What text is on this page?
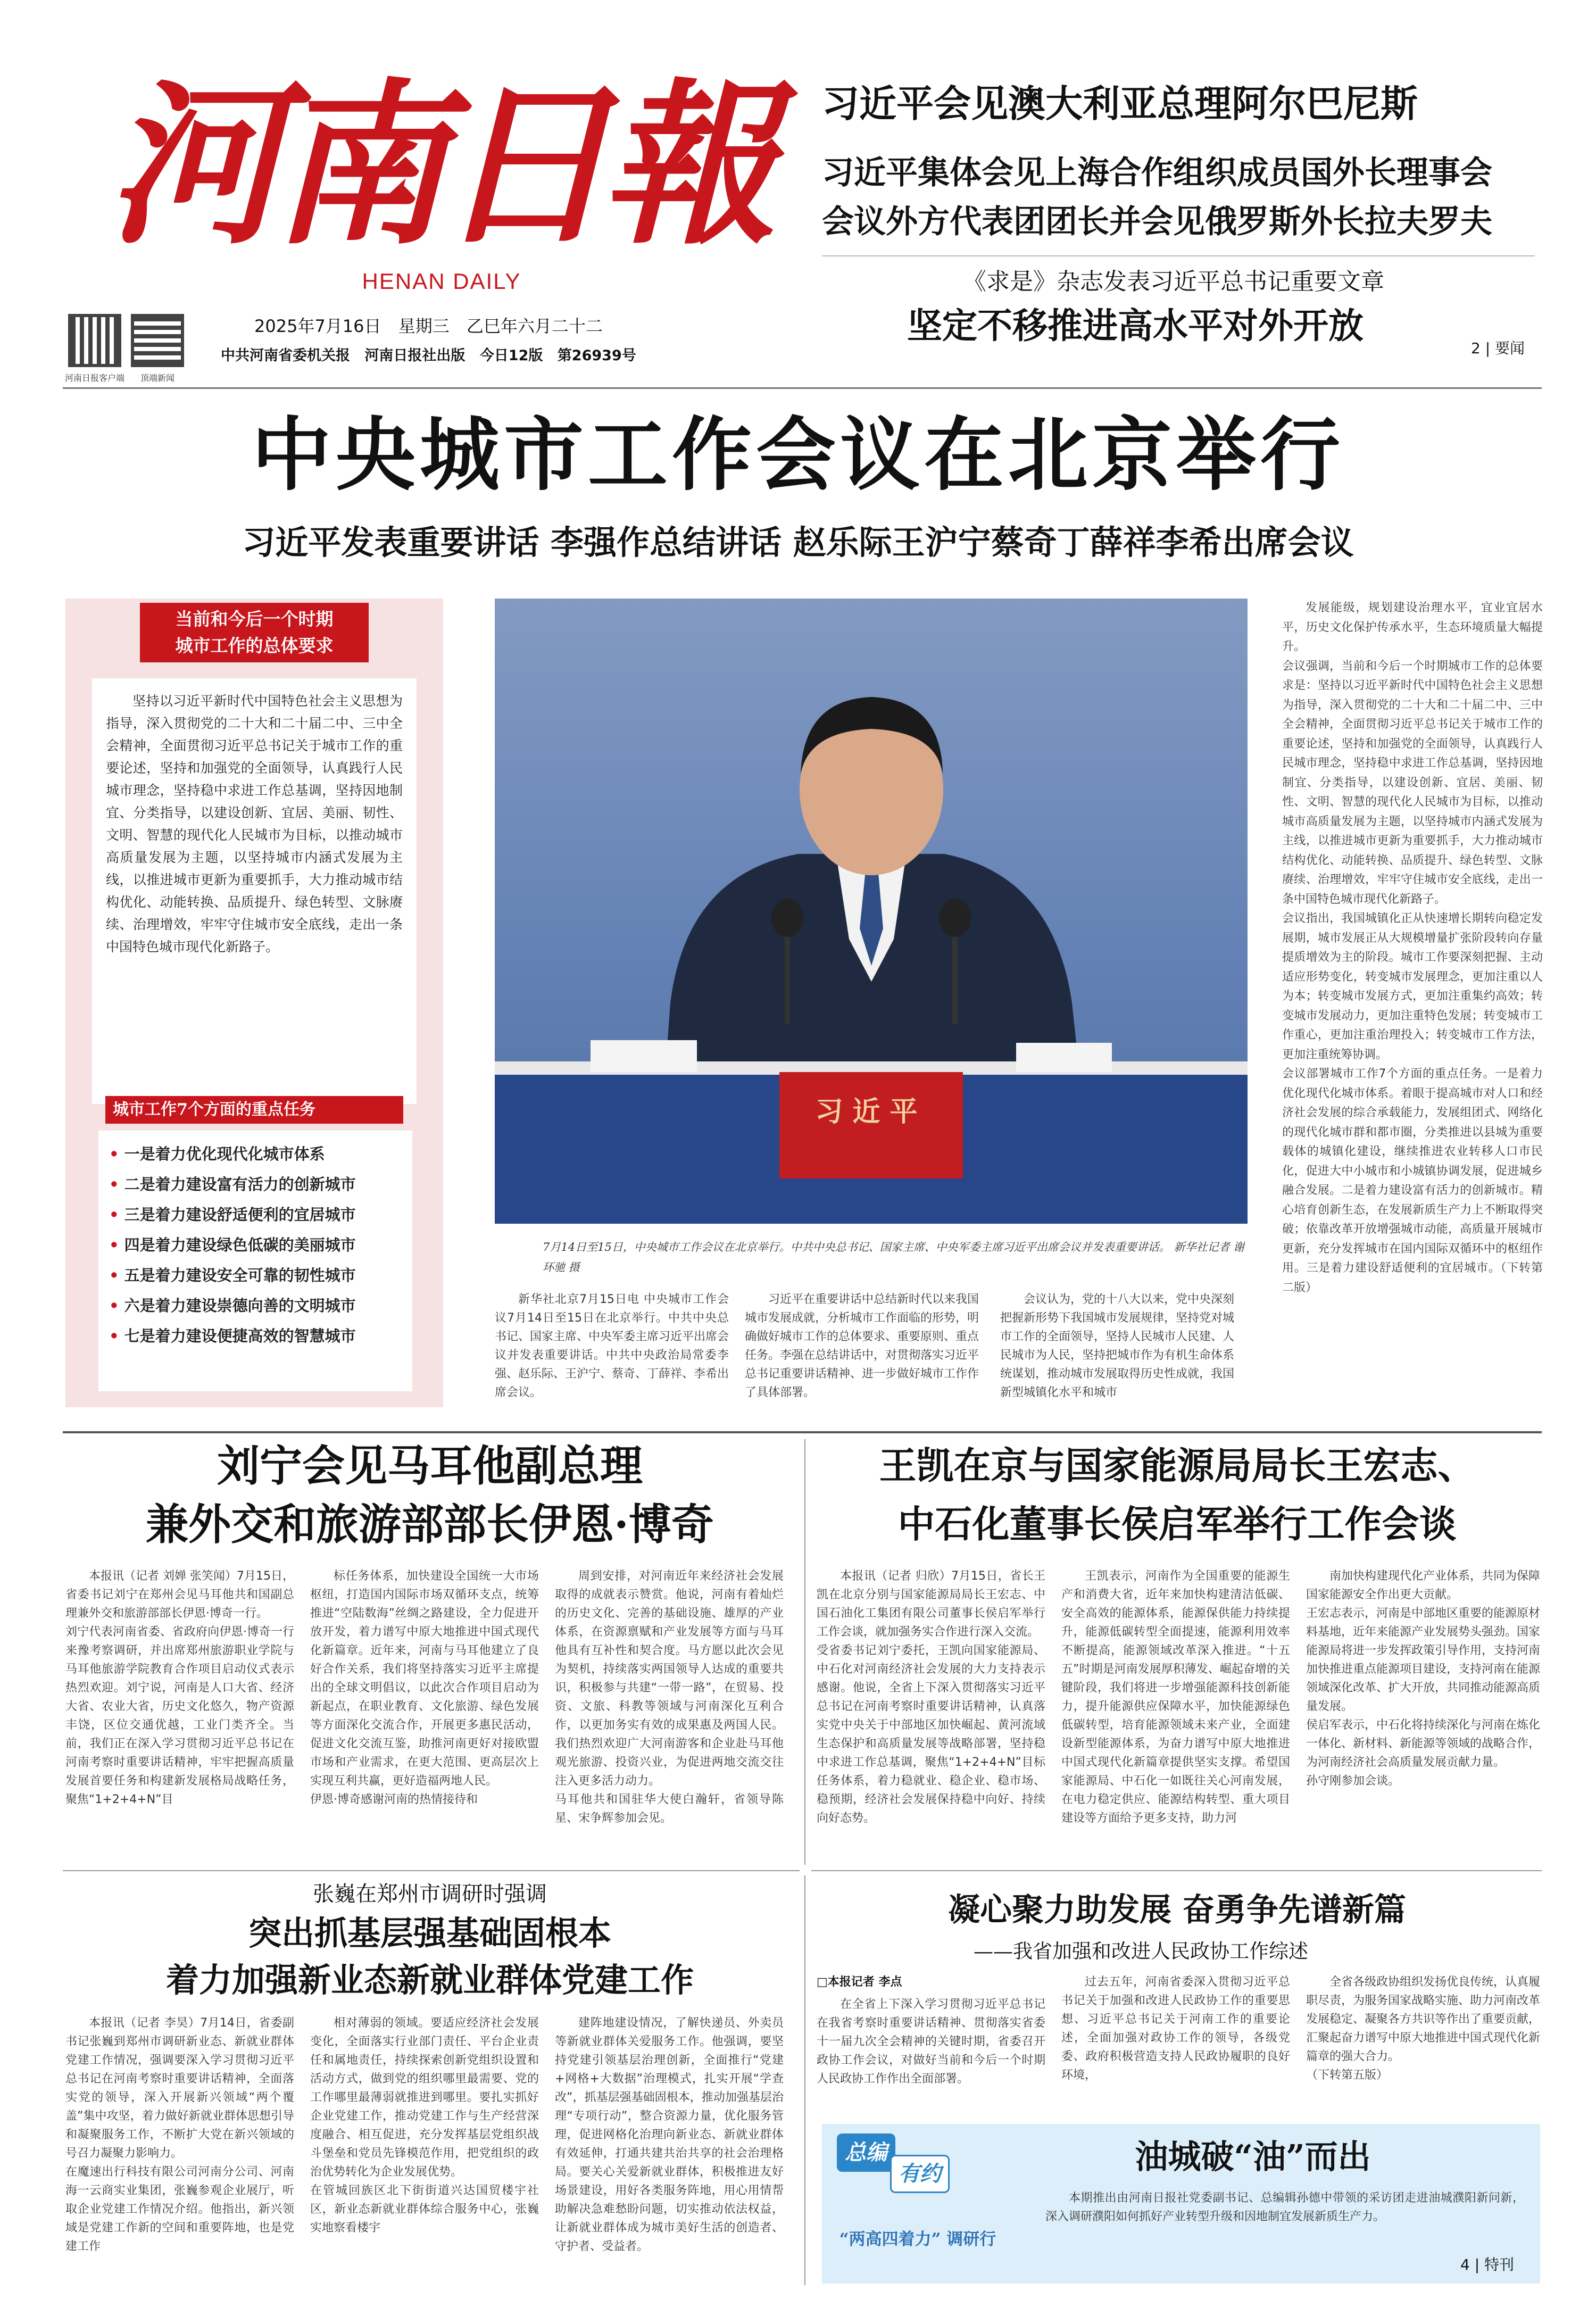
河南日報
HENAN DAILY
河南日报客户端	顶端新闻
2025年7月16日 星期三 乙巳年六月二十二
中共河南省委机关报 河南日报社出版 今日12版 第26939号
习近平会见澳大利亚总理阿尔巴尼斯
习近平集体会见上海合作组织成员国外长理事会
会议外方代表团团长并会见俄罗斯外长拉夫罗夫
《求是》杂志发表习近平总书记重要文章
坚定不移推进高水平对外开放
2 | 要闻
中央城市工作会议在北京举行
习近平发表重要讲话 李强作总结讲话 赵乐际王沪宁蔡奇丁薛祥李希出席会议
当前和今后一个时期
城市工作的总体要求
坚持以习近平新时代中国特色社会主义思想为指导，深入贯彻党的二十大和二十届二中、三中全会精神，全面贯彻习近平总书记关于城市工作的重要论述，坚持和加强党的全面领导，认真践行人民城市理念，坚持稳中求进工作总基调，坚持因地制宜、分类指导，以建设创新、宜居、美丽、韧性、文明、智慧的现代化人民城市为目标，以推动城市高质量发展为主题，以坚持城市内涵式发展为主线，以推进城市更新为重要抓手，大力推动城市结构优化、动能转换、品质提升、绿色转型、文脉赓续、治理增效，牢牢守住城市安全底线，走出一条中国特色城市现代化新路子。
城市工作7个方面的重点任务
• 一是着力优化现代化城市体系
• 二是着力建设富有活力的创新城市
• 三是着力建设舒适便利的宜居城市
• 四是着力建设绿色低碳的美丽城市
• 五是着力建设安全可靠的韧性城市
• 六是着力建设崇德向善的文明城市
• 七是着力建设便捷高效的智慧城市
习近平
7月14日至15日，中央城市工作会议在北京举行。中共中央总书记、国家主席、中央军委主席习近平出席会议并发表重要讲话。 新华社记者 谢环驰 摄
新华社北京7月15日电 中央城市工作会议7月14日至15日在北京举行。中共中央总书记、国家主席、中央军委主席习近平出席会议并发表重要讲话。中共中央政治局常委李强、赵乐际、王沪宁、蔡奇、丁薛祥、李希出席会议。
习近平在重要讲话中总结新时代以来我国城市发展成就，分析城市工作面临的形势，明确做好城市工作的总体要求、重要原则、重点任务。李强在总结讲话中，对贯彻落实习近平总书记重要讲话精神、进一步做好城市工作作了具体部署。
会议认为，党的十八大以来，党中央深刻把握新形势下我国城市发展规律，坚持党对城市工作的全面领导，坚持人民城市人民建、人民城市为人民，坚持把城市作为有机生命体系统谋划，推动城市发展取得历史性成就，我国新型城镇化水平和城市
发展能级，规划建设治理水平，宜业宜居水平，历史文化保护传承水平，生态环境质量大幅提升。
会议强调，当前和今后一个时期城市工作的总体要求是：坚持以习近平新时代中国特色社会主义思想为指导，深入贯彻党的二十大和二十届二中、三中全会精神，全面贯彻习近平总书记关于城市工作的重要论述，坚持和加强党的全面领导，认真践行人民城市理念，坚持稳中求进工作总基调，坚持因地制宜、分类指导，以建设创新、宜居、美丽、韧性、文明、智慧的现代化人民城市为目标，以推动城市高质量发展为主题，以坚持城市内涵式发展为主线，以推进城市更新为重要抓手，大力推动城市结构优化、动能转换、品质提升、绿色转型、文脉赓续、治理增效，牢牢守住城市安全底线，走出一条中国特色城市现代化新路子。
会议指出，我国城镇化正从快速增长期转向稳定发展期，城市发展正从大规模增量扩张阶段转向存量提质增效为主的阶段。城市工作要深刻把握、主动适应形势变化，转变城市发展理念，更加注重以人为本；转变城市发展方式，更加注重集约高效；转变城市发展动力，更加注重特色发展；转变城市工作重心，更加注重治理投入；转变城市工作方法，更加注重统筹协调。
会议部署城市工作7个方面的重点任务。一是着力优化现代化城市体系。着眼于提高城市对人口和经济社会发展的综合承载能力，发展组团式、网络化的现代化城市群和都市圈，分类推进以县城为重要载体的城镇化建设，继续推进农业转移人口市民化，促进大中小城市和小城镇协调发展，促进城乡融合发展。二是着力建设富有活力的创新城市。精心培育创新生态，在发展新质生产力上不断取得突破；依靠改革开放增强城市动能，高质量开展城市更新，充分发挥城市在国内国际双循环中的枢纽作用。三是着力建设舒适便利的宜居城市。（下转第二版）
刘宁会见马耳他副总理
兼外交和旅游部部长伊恩·博奇
本报讯（记者 刘婵 张笑闻）7月15日，省委书记刘宁在郑州会见马耳他共和国副总理兼外交和旅游部部长伊恩·博奇一行。
刘宁代表河南省委、省政府向伊恩·博奇一行来豫考察调研，并出席郑州旅游职业学院与马耳他旅游学院教育合作项目启动仪式表示热烈欢迎。刘宁说，河南是人口大省、经济大省、农业大省，历史文化悠久，物产资源丰饶，区位交通优越，工业门类齐全。当前，我们正在深入学习贯彻习近平总书记在河南考察时重要讲话精神，牢牢把握高质量发展首要任务和构建新发展格局战略任务，聚焦“1+2+4+N”目
标任务体系，加快建设全国统一大市场枢纽，打造国内国际市场双循环支点，统筹推进“空陆数海”丝绸之路建设，全力促进开放开发，着力谱写中原大地推进中国式现代化新篇章。近年来，河南与马耳他建立了良好合作关系，我们将坚持落实习近平主席提出的全球文明倡议，以此次合作项目启动为新起点，在职业教育、文化旅游、绿色发展等方面深化交流合作，开展更多惠民活动，促进文化交流互鉴，助推河南更好对接欧盟市场和产业需求，在更大范围、更高层次上实现互利共赢，更好造福两地人民。
伊恩·博奇感谢河南的热情接待和
周到安排，对河南近年来经济社会发展取得的成就表示赞赏。他说，河南有着灿烂的历史文化、完善的基础设施、雄厚的产业体系，在资源禀赋和产业发展等方面与马耳他具有互补性和契合度。马方愿以此次会见为契机，持续落实两国领导人达成的重要共识，积极参与共建“一带一路”，在贸易、投资、文旅、科教等领域与河南深化互利合作，以更加务实有效的成果惠及两国人民。我们热烈欢迎广大河南游客和企业赴马耳他观光旅游、投资兴业，为促进两地交流交往注入更多活力动力。
马耳他共和国驻华大使白瀚轩，省领导陈星、宋争辉参加会见。
王凯在京与国家能源局局长王宏志、
中石化董事长侯启军举行工作会谈
本报讯（记者 归欣）7月15日，省长王凯在北京分别与国家能源局局长王宏志、中国石油化工集团有限公司董事长侯启军举行工作会谈，就加强务实合作进行深入交流。
受省委书记刘宁委托，王凯向国家能源局、中石化对河南经济社会发展的大力支持表示感谢。他说，全省上下深入贯彻落实习近平总书记在河南考察时重要讲话精神，认真落实党中央关于中部地区加快崛起、黄河流域生态保护和高质量发展等战略部署，坚持稳中求进工作总基调，聚焦“1+2+4+N”目标任务体系，着力稳就业、稳企业、稳市场、稳预期，经济社会发展保持稳中向好、持续向好态势。
王凯表示，河南作为全国重要的能源生产和消费大省，近年来加快构建清洁低碳、安全高效的能源体系，能源保供能力持续提升，能源低碳转型全面提速，能源利用效率不断提高，能源领域改革深入推进。“十五五”时期是河南发展厚积薄发、崛起奋增的关键阶段，我们将进一步增强能源科技创新能力，提升能源供应保障水平，加快能源绿色低碳转型，培育能源领域未来产业，全面建设新型能源体系，为奋力谱写中原大地推进中国式现代化新篇章提供坚实支撑。希望国家能源局、中石化一如既往关心河南发展，在电力稳定供应、能源结构转型、重大项目建设等方面给予更多支持，助力河
南加快构建现代化产业体系，共同为保障国家能源安全作出更大贡献。
王宏志表示，河南是中部地区重要的能源原材料基地，近年来能源产业发展势头强劲。国家能源局将进一步发挥政策引导作用，支持河南加快推进重点能源项目建设，支持河南在能源领域深化改革、扩大开放，共同推动能源高质量发展。
侯启军表示，中石化将持续深化与河南在炼化一体化、新材料、新能源等领域的战略合作，为河南经济社会高质量发展贡献力量。
孙守刚参加会谈。
张巍在郑州市调研时强调
突出抓基层强基础固根本
着力加强新业态新就业群体党建工作
本报讯（记者 李昊）7月14日，省委副书记张巍到郑州市调研新业态、新就业群体党建工作情况，强调要深入学习贯彻习近平总书记在河南考察时重要讲话精神，全面落实党的领导，深入开展新兴领域“两个覆盖”集中攻坚，着力做好新就业群体思想引导和凝聚服务工作，不断扩大党在新兴领域的号召力凝聚力影响力。
在魔速出行科技有限公司河南分公司、河南海一云商实业集团，张巍参观企业展厅，听取企业党建工作情况介绍。他指出，新兴领域是党建工作新的空间和重要阵地，也是党建工作
相对薄弱的领域。要适应经济社会发展变化，全面落实行业部门责任、平台企业责任和属地责任，持续探索创新党组织设置和活动方式，做到党的组织哪里最需要、党的工作哪里最薄弱就推进到哪里。要扎实抓好企业党建工作，推动党建工作与生产经营深度融合、相互促进，充分发挥基层党组织战斗堡垒和党员先锋模范作用，把党组织的政治优势转化为企业发展优势。
在管城回族区北下街街道兴达国贸楼宇社区，新业态新就业群体综合服务中心，张巍实地察看楼宇
建阵地建设情况，了解快递员、外卖员等新就业群体关爱服务工作。他强调，要坚持党建引领基层治理创新，全面推行“党建+网格+大数据”治理模式，扎实开展“学查改”，抓基层强基础固根本，推动加强基层治理“专项行动”，整合资源力量，优化服务管理，促进网格化治理向新业态、新就业群体有效延伸，打通共建共治共享的社会治理格局。要关心关爱新就业群体，积极推进友好场景建设，用好各类服务阵地，用心用情帮助解决急难愁盼问题，切实推动依法权益，让新就业群体成为城市美好生活的创造者、守护者、受益者。
凝心聚力助发展 奋勇争先谱新篇
——我省加强和改进人民政协工作综述
□本报记者 李点
在全省上下深入学习贯彻习近平总书记在我省考察时重要讲话精神、贯彻落实省委十一届九次全会精神的关键时期，省委召开政协工作会议，对做好当前和今后一个时期人民政协工作作出全面部署。
过去五年，河南省委深入贯彻习近平总书记关于加强和改进人民政协工作的重要思想、习近平总书记关于河南工作的重要论述，全面加强对政协工作的领导，各级党委、政府积极营造支持人民政协履职的良好环境，
全省各级政协组织发扬优良传统，认真履职尽责，为服务国家战略实施、助力河南改革发展稳定、凝聚各方共识等作出了重要贡献，汇聚起奋力谱写中原大地推进中国式现代化新篇章的强大合力。
（下转第五版）
总编
有约
“两高四着力” 调研行
油城破“油”而出
本期推出由河南日报社党委副书记、总编辑孙德中带领的采访团走进油城濮阳新问新，深入调研濮阳如何抓好产业转型升级和因地制宜发展新质生产力。
4 | 特刊
